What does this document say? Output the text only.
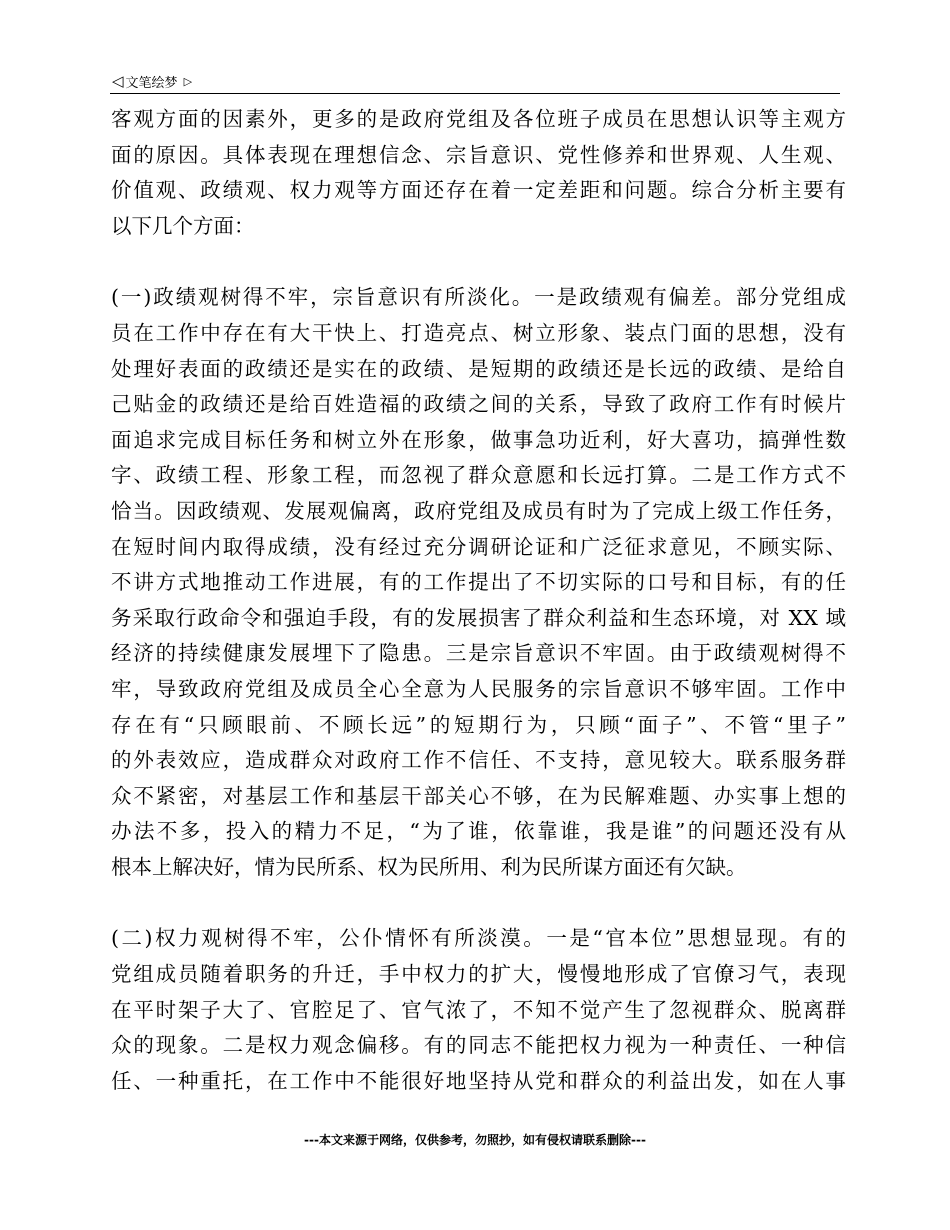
◁ 文笔绘梦 ▷
客观方面的因素外，更多的是政府党组及各位班子成员在思想认识等主观方
面的原因。具体表现在理想信念、宗旨意识、党性修养和世界观、人生观、
价值观、政绩观、权力观等方面还存在着一定差距和问题。综合分析主要有
以下几个方面：
(一)政绩观树得不牢，宗旨意识有所淡化。一是政绩观有偏差。部分党组成
员在工作中存在有大干快上、打造亮点、树立形象、装点门面的思想，没有
处理好表面的政绩还是实在的政绩、是短期的政绩还是长远的政绩、是给自
己贴金的政绩还是给百姓造福的政绩之间的关系，导致了政府工作有时候片
面追求完成目标任务和树立外在形象，做事急功近利，好大喜功，搞弹性数
字、政绩工程、形象工程，而忽视了群众意愿和长远打算。二是工作方式不
恰当。因政绩观、发展观偏离，政府党组及成员有时为了完成上级工作任务，
在短时间内取得成绩，没有经过充分调研论证和广泛征求意见，不顾实际、
不讲方式地推动工作进展，有的工作提出了不切实际的口号和目标，有的任
务采取行政命令和强迫手段，有的发展损害了群众利益和生态环境，对 XX 域
经济的持续健康发展埋下了隐患。三是宗旨意识不牢固。由于政绩观树得不
牢，导致政府党组及成员全心全意为人民服务的宗旨意识不够牢固。工作中
存在有“只顾眼前、不顾长远”的短期行为，只顾“面子”、不管“里子”
的外表效应，造成群众对政府工作不信任、不支持，意见较大。联系服务群
众不紧密，对基层工作和基层干部关心不够，在为民解难题、办实事上想的
办法不多，投入的精力不足，“为了谁，依靠谁，我是谁”的问题还没有从
根本上解决好，情为民所系、权为民所用、利为民所谋方面还有欠缺。
(二)权力观树得不牢，公仆情怀有所淡漠。一是“官本位”思想显现。有的
党组成员随着职务的升迁，手中权力的扩大，慢慢地形成了官僚习气，表现
在平时架子大了、官腔足了、官气浓了，不知不觉产生了忽视群众、脱离群
众的现象。二是权力观念偏移。有的同志不能把权力视为一种责任、一种信
任、一种重托，在工作中不能很好地坚持从党和群众的利益出发，如在人事
---本文来源于网络，仅供参考，勿照抄，如有侵权请联系删除---
